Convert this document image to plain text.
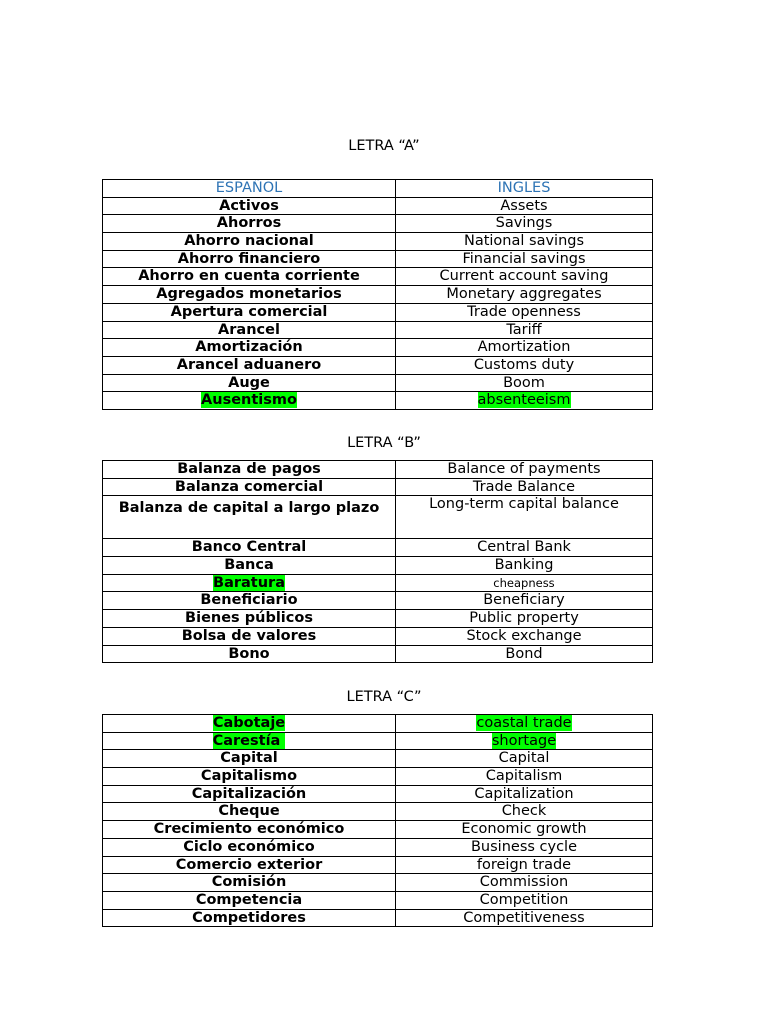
LETRA “A”
ESPAÑOL	INGLES
Activos	Assets
Ahorros	Savings
Ahorro nacional	National savings
Ahorro financiero	Financial savings
Ahorro en cuenta corriente	Current account saving
Agregados monetarios	Monetary aggregates
Apertura comercial	Trade openness
Arancel	Tariff
Amortización	Amortization
Arancel aduanero	Customs duty
Auge	Boom
Ausentismo	absenteeism
LETRA “B”
Balanza de pagos	Balance of payments
Balanza comercial	Trade Balance
Balanza de capital a largo plazo	Long-term capital balance
Banco Central	Central Bank
Banca	Banking
Baratura	cheapness
Beneficiario	Beneficiary
Bienes públicos	Public property
Bolsa de valores	Stock exchange
Bono	Bond
LETRA “C”
Cabotaje	coastal trade
Carestía	shortage
Capital	Capital
Capitalismo	Capitalism
Capitalización	Capitalization
Cheque	Check
Crecimiento económico	Economic growth
Ciclo económico	Business cycle
Comercio exterior	foreign trade
Comisión	Commission
Competencia	Competition
Competidores	Competitiveness
